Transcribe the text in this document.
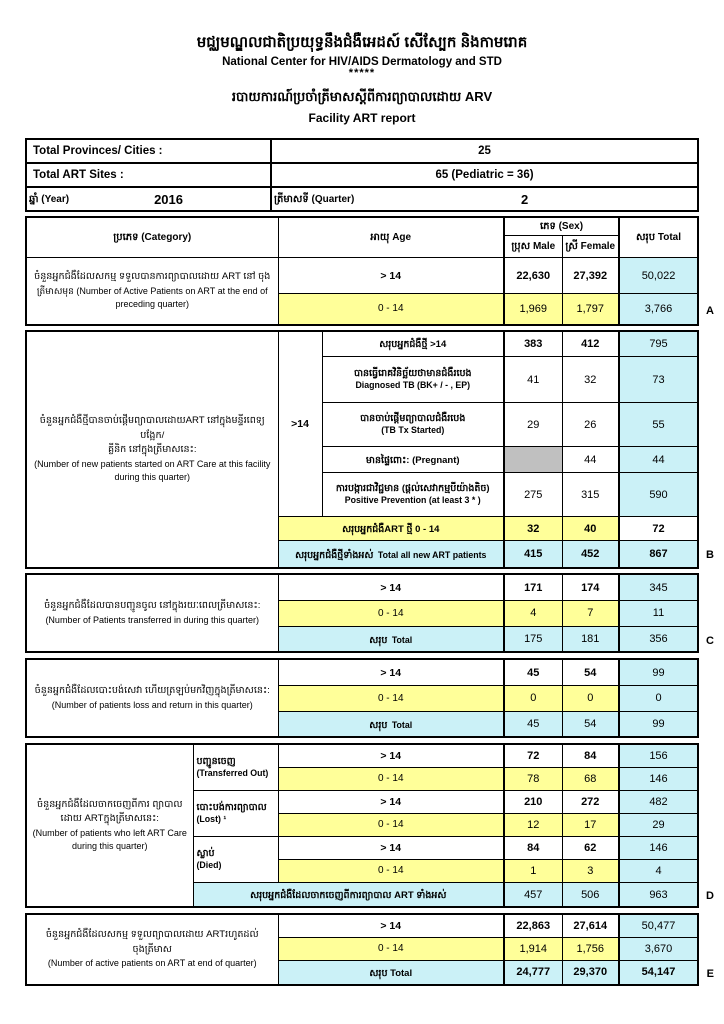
មជ្ឈមណ្ឌលជាតិប្រយុទ្ធនឹងជំងឺអេដស៍ សើស្បែក និងកាមរោគ
National Center for HIV/AIDS Dermatology and STD
*****
របាយការណ៍ប្រចាំត្រីមាសស្ដីពីការព្យាបាលដោយ ARV
Facility ART report
Total Provinces/ Cities :	25
Total ART Sites :	65 (Pediatric = 36)

ឆ្នាំ (Year) 2016	ត្រីមាសទី (Quarter) 2
ប្រភេទ (Category)	អាយុ Age	ភេទ (Sex)		សរុប Total
		ប្រុស Male	ស្រី Female	

ចំនួនអ្នកជំងឺដែលសកម្ម ទទួលបានការព្យាបាលដោយ ART នៅ ចុង
ត្រីមាសមុន (Number of Active Patients on ART at the end of preceding quarter)	> 14	22,630	27,392	50,022
	0 - 14	1,969	1,797	3,766	A
ចំនួនអ្នកជំងឺថ្មីបានចាប់ផ្ដើមព្យាបាលដោយART នៅក្នុងមន្ទីរពេទ្យបង្អែក/
គ្លីនិក នៅក្នុងត្រីមាសនេះ:
(Number of new patients started on ART Care at this facility during this quarter)	>14	សរុបអ្នកជំងឺថ្មី >14	383	412	795

		បានធ្វើរោគវិនិច្ឆ័យថាមានជំងឺរបេង
Diagnosed TB (BK+ / - , EP)	41	32	73

		បានចាប់ផ្ដើមព្យាបាលជំងឺរបេង
(TB Tx Started)	29	26	55
		មានផ្ទៃពោះ: (Pregnant)		44	44

		ការបង្ការជាវិជ្ជមាន (ផ្ដល់សេវាកម្មបីយ៉ាងតិច)
Positive Prevention (at least 3 * )	275	315	590
	សរុបអ្នកជំងឺART ថ្មី 0 - 14		32	40	72
	សរុបអ្នកជំងឺថ្មីទាំងអស់ Total all new ART patients		415	452	867	B
ចំនួនអ្នកជំងឺដែលបានបញ្ជូនចូល នៅក្នុងរយៈពេលត្រីមាសនេះ:
(Number of Patients transferred in during this quarter)	> 14	171	174	345
	0 - 14	4	7	11
	សរុប Total	175	181	356	C
ចំនួនអ្នកជំងឺដែលបោះបង់សេវា ហើយត្រឡប់មកវិញក្នុងត្រីមាសនេះ:
(Number of patients loss and return in this quarter)	> 14	45	54	99
	0 - 14	0	0	0
	សរុប Total	45	54	99
ចំនួនអ្នកជំងឺដែលចាកចេញពីការ ព្យាបាល
ដោយ ARTក្នុងត្រីមាសនេះ:
(Number of patients who left ART Care during this quarter)

បញ្ជូនចេញ
(Transferred Out)
	> 14	72	84	156
		0 - 14	78	68	146

	បោះបង់ការព្យាបាល
(Lost) ¹	> 14	210	272	482
		0 - 14	12	17	29

	ស្លាប់
(Died)	> 14	84	62	146
		0 - 14	1	3	4
	សរុបអ្នកជំងឺដែលចាកចេញពីការព្យាបាល ART ទាំងអស់		457	506	963	D
ចំនួនអ្នកជំងឺដែលសកម្ម ទទួលព្យាបាលដោយ ARTរហូតដល់
ចុងត្រីមាស
(Number of active patients on ART at end of quarter)	> 14	22,863	27,614	50,477
	0 - 14	1,914	1,756	3,670
	សរុប Total	24,777	29,370	54,147	E
